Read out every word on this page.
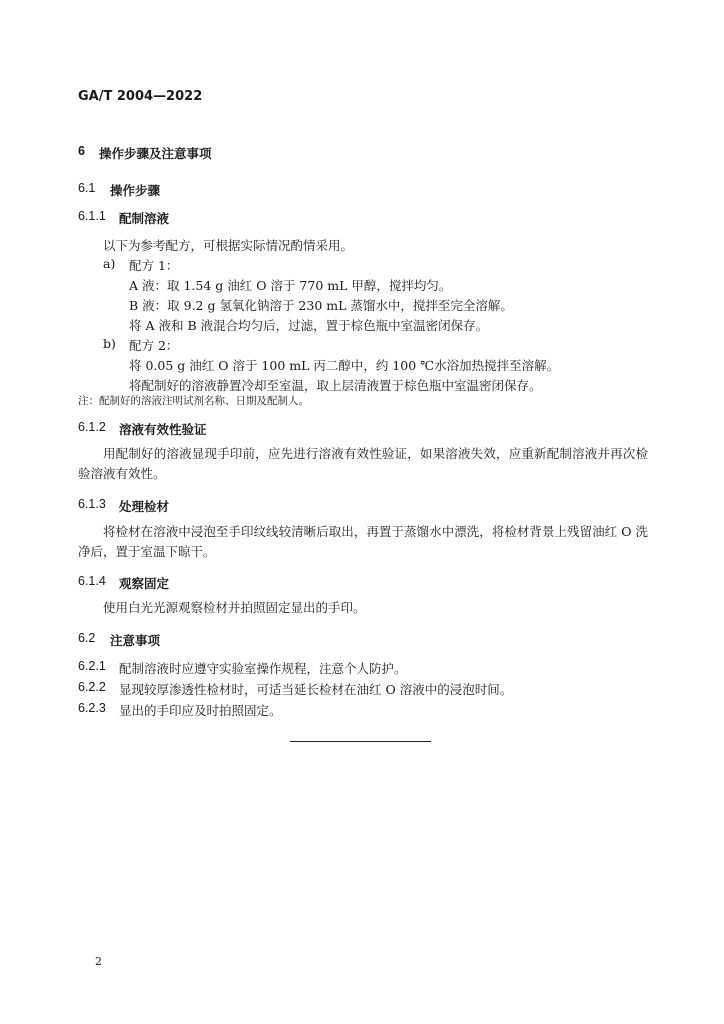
GA/T 2004—2022
6 操作步骤及注意事项
6.1 操作步骤
6.1.1 配制溶液
以下为参考配方，可根据实际情况酌情采用。
a) 配方 1：
A 液：取 1.54 g 油红 O 溶于 770 mL 甲醇，搅拌均匀。
B 液：取 9.2 g 氢氧化钠溶于 230 mL 蒸馏水中，搅拌至完全溶解。
将 A 液和 B 液混合均匀后，过滤，置于棕色瓶中室温密闭保存。
b) 配方 2：
将 0.05 g 油红 O 溶于 100 mL 丙二醇中，约 100 ℃水浴加热搅拌至溶解。
将配制好的溶液静置冷却至室温，取上层清液置于棕色瓶中室温密闭保存。
注：配制好的溶液注明试剂名称、日期及配制人。
6.1.2 溶液有效性验证
用配制好的溶液显现手印前，应先进行溶液有效性验证，如果溶液失效，应重新配制溶液并再次检验溶液有效性。
6.1.3 处理检材
将检材在溶液中浸泡至手印纹线较清晰后取出，再置于蒸馏水中漂洗，将检材背景上残留油红 O 洗净后，置于室温下晾干。
6.1.4 观察固定
使用白光光源观察检材并拍照固定显出的手印。
6.2 注意事项
6.2.1 配制溶液时应遵守实验室操作规程，注意个人防护。
6.2.2 显现较厚渗透性检材时，可适当延长检材在油红 O 溶液中的浸泡时间。
6.2.3 显出的手印应及时拍照固定。
2
